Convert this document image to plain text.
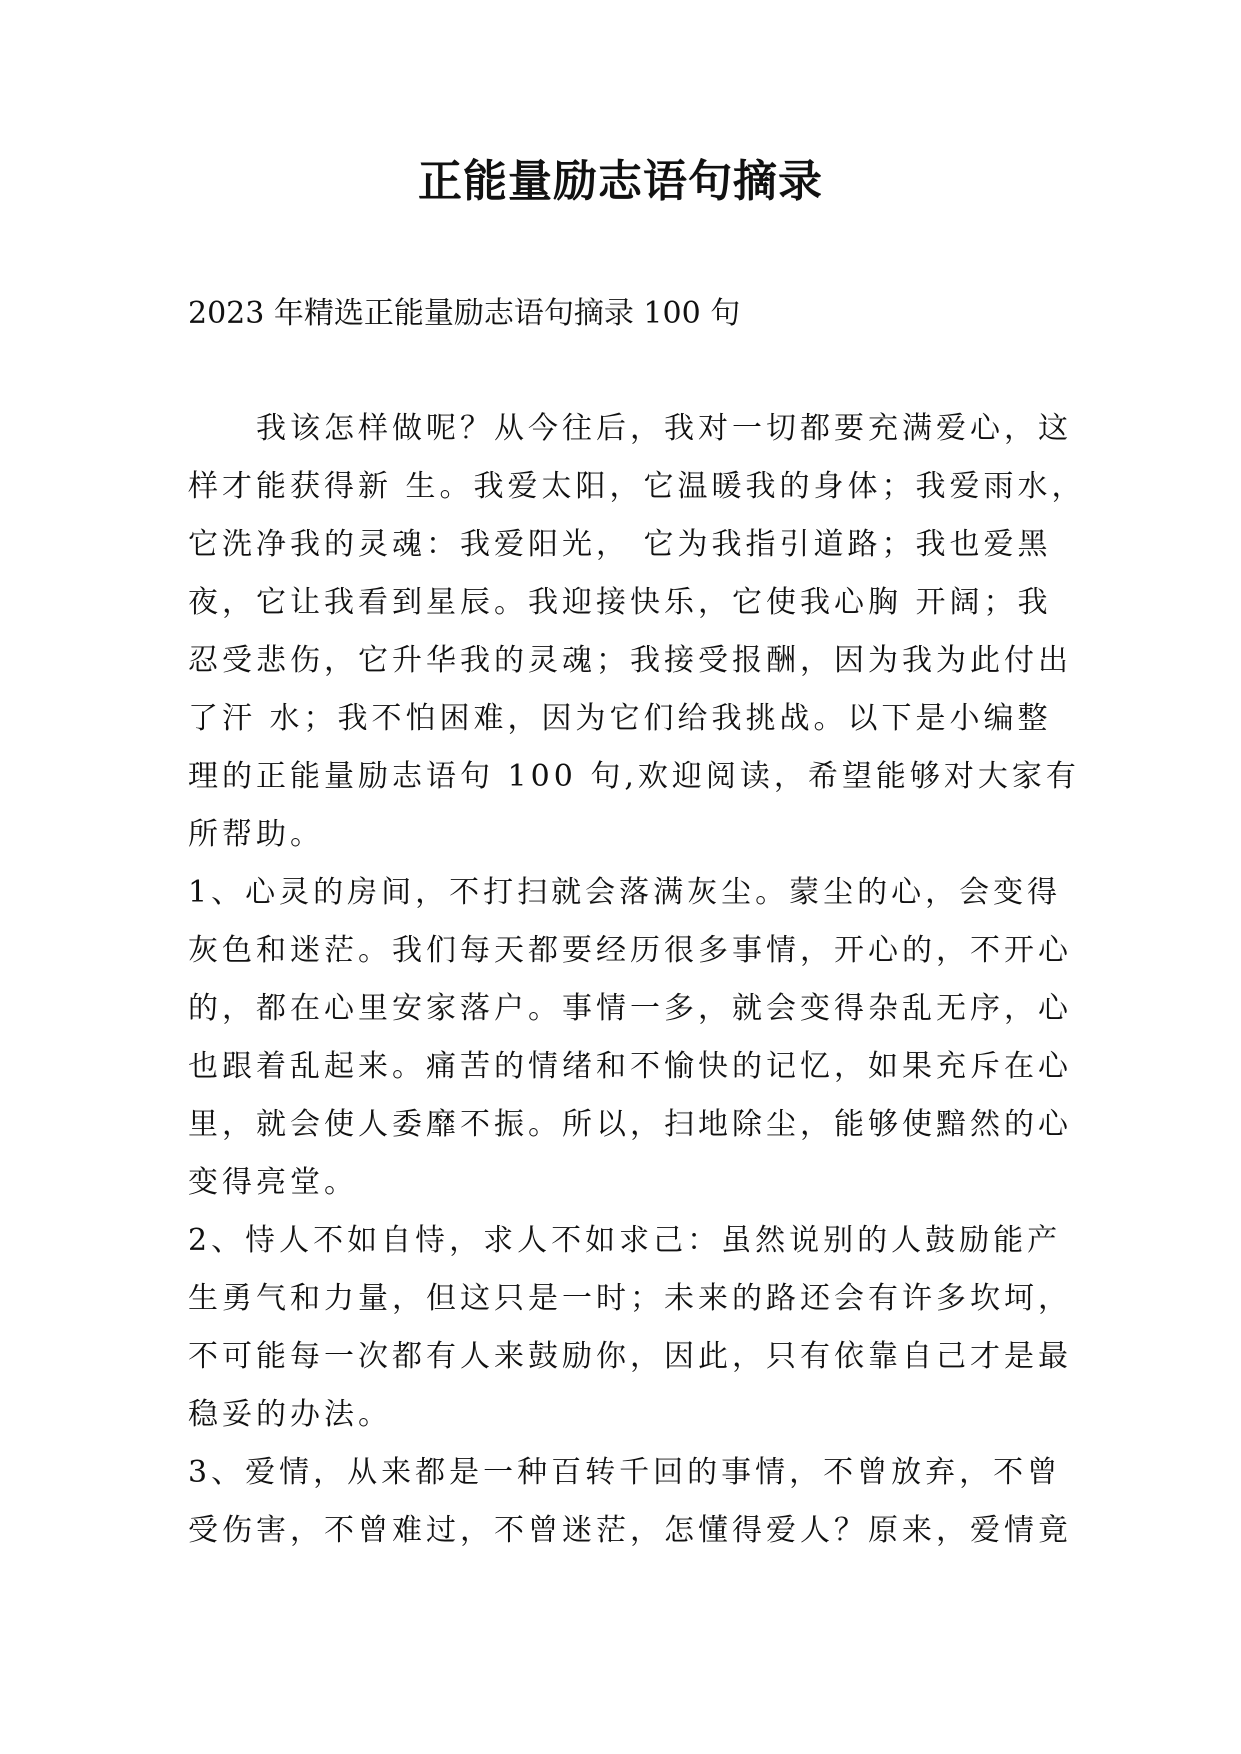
正能量励志语句摘录

2023 年精选正能量励志语句摘录 100 句

　　我该怎样做呢？从今往后，我对一切都要充满爱心，这
样才能获得新 生。我爱太阳，它温暖我的身体；我爱雨水，
它洗净我的灵魂：我爱阳光， 它为我指引道路；我也爱黑
夜，它让我看到星辰。我迎接快乐，它使我心胸 开阔；我
忍受悲伤，它升华我的灵魂；我接受报酬，因为我为此付出
了汗 水；我不怕困难，因为它们给我挑战。以下是小编整
理的正能量励志语句 100 句,欢迎阅读，希望能够对大家有
所帮助。
1、心灵的房间，不打扫就会落满灰尘。蒙尘的心，会变得
灰色和迷茫。我们每天都要经历很多事情，开心的，不开心
的，都在心里安家落户。事情一多，就会变得杂乱无序，心
也跟着乱起来。痛苦的情绪和不愉快的记忆，如果充斥在心
里，就会使人委靡不振。所以，扫地除尘，能够使黯然的心
变得亮堂。
2、恃人不如自恃，求人不如求己：虽然说别的人鼓励能产
生勇气和力量，但这只是一时；未来的路还会有许多坎坷，
不可能每一次都有人来鼓励你，因此，只有依靠自己才是最
稳妥的办法。
3、爱情，从来都是一种百转千回的事情，不曾放弃，不曾
受伤害，不曾难过，不曾迷茫，怎懂得爱人？原来，爱情竟
